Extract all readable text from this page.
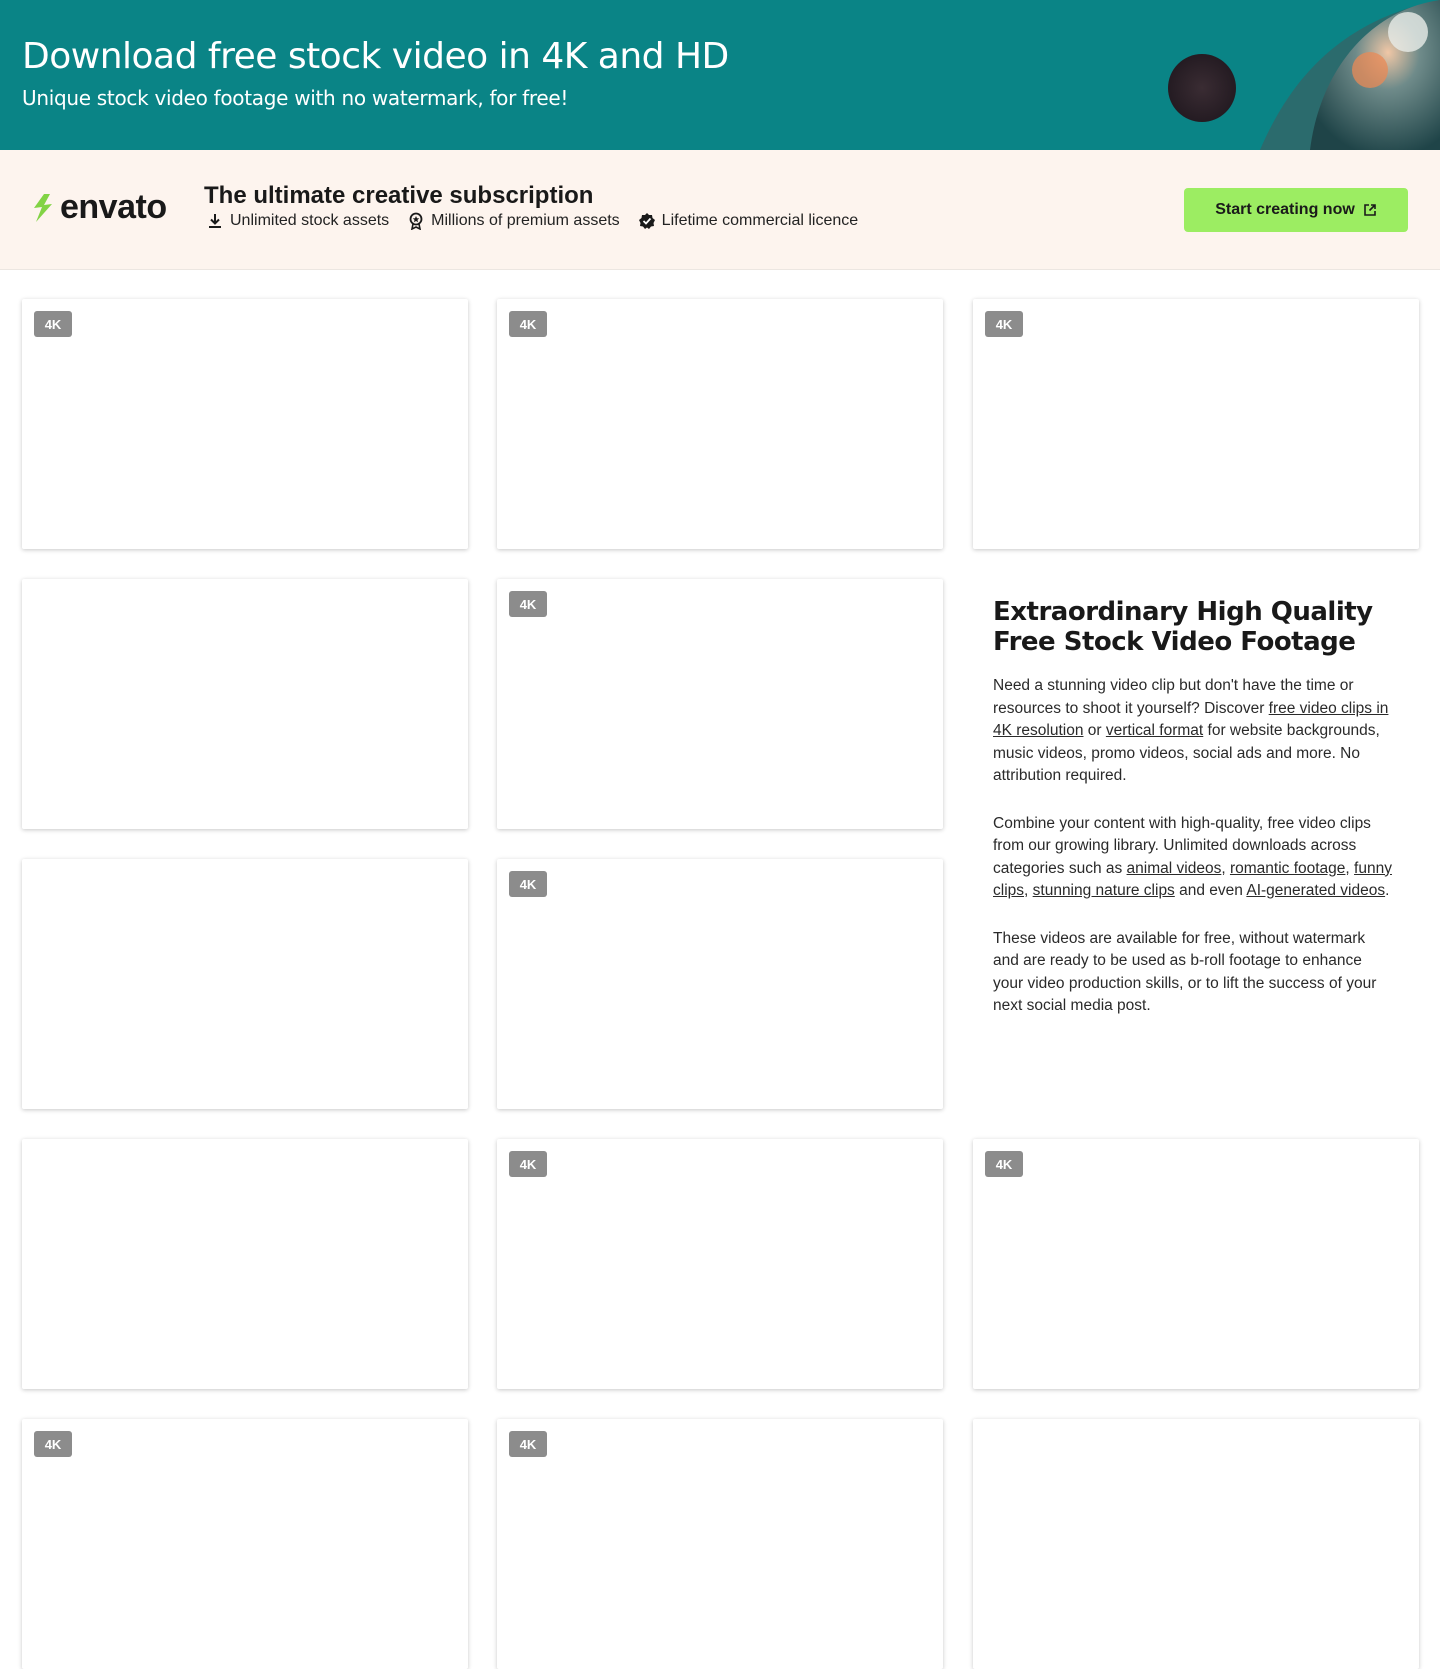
Download free stock video in 4K and HD
Unique stock video footage with no watermark, for free!
envato The ultimate creative subscription
Unlimited stock assets	Millions of premium assets	Lifetime commercial licence
Start creating now
4K	4K	4K
4K
4K
4K	4K
4K	4K
Extraordinary High Quality Free Stock Video Footage

Need a stunning video clip but don't have the time or resources to shoot it yourself? Discover free video clips in 4K resolution or vertical format for website backgrounds, music videos, promo videos, social ads and more. No attribution required.

Combine your content with high-quality, free video clips from our growing library. Unlimited downloads across categories such as animal videos, romantic footage, funny clips, stunning nature clips and even AI-generated videos.

These videos are available for free, without watermark and are ready to be used as b-roll footage to enhance your video production skills, or to lift the success of your next social media post.
